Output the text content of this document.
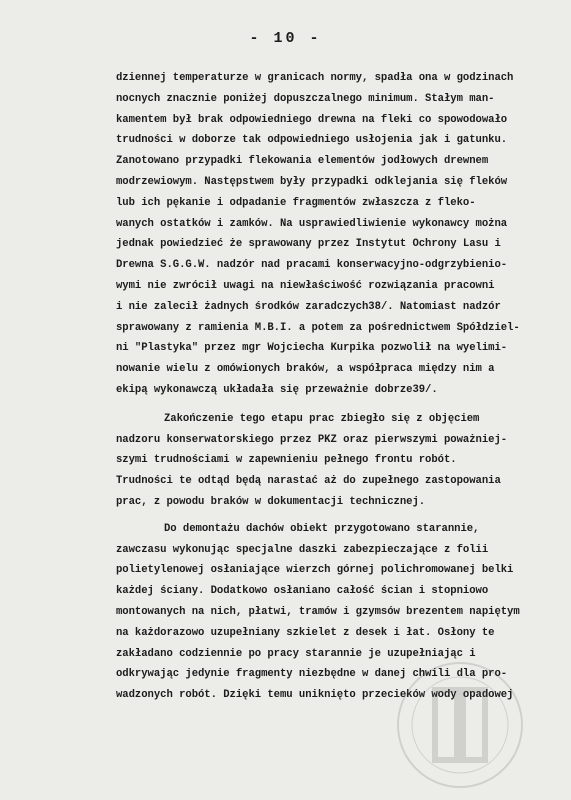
- 10 -
dziennej temperaturze w granicach normy, spadła ona w godzinach
nocnych znacznie poniżej dopuszczalnego minimum. Stałym man-
kamentem był brak odpowiedniego drewna na fleki co spowodowało
trudności w doborze tak odpowiedniego usłojenia jak i gatunku.
Zanotowano przypadki flekowania elementów jodłowych drewnem
modrzewiowym. Następstwem były przypadki odklejania się fleków
lub ich pękanie i odpadanie fragmentów zwłaszcza z fleko-
wanych ostatków i zamków. Na usprawiedliwienie wykonawcy można
jednak powiedzieć że sprawowany przez Instytut Ochrony Lasu i
Drewna S.G.G.W. nadzór nad pracami konserwacyjno-odgrzybienio-
wymi nie zwrócił uwagi na niewłaściwość rozwiązania pracowni
i nie zalecił żadnych środków zaradczych38/. Natomiast nadzór
sprawowany z ramienia M.B.I. a potem za pośrednictwem Spółdziel-
ni "Plastyka" przez mgr Wojciecha Kurpika pozwolił na wyelimi-
nowanie wielu z omówionych braków, a współpraca między nim a
ekipą wykonawczą układała się przeważnie dobrze39/.
Zakończenie tego etapu prac zbiegło się z objęciem
nadzoru konserwatorskiego przez PKZ oraz pierwszymi poważniej-
szymi trudnościami w zapewnieniu pełnego frontu robót.
Trudności te odtąd będą narastać aż do zupełnego zastopowania
prac, z powodu braków w dokumentacji technicznej.
Do demontażu dachów obiekt przygotowano starannie,
zawczasu wykonując specjalne daszki zabezpieczające z folii
polietylenowej osłaniające wierzch górnej polichromowanej belki
każdej ściany. Dodatkowo osłaniano całość ścian i stopniowo
montowanych na nich, płatwi, tramów i gzymsów brezentem napiętym
na każdorazowo uzupełniany szkielet z desek i łat. Osłony te
zakładano codziennie po pracy starannie je uzupełniając i
odkrywając jedynie fragmenty niezbędne w danej chwili dla pro-
wadzonych robót. Dzięki temu uniknięto przecieków wody opadowej
